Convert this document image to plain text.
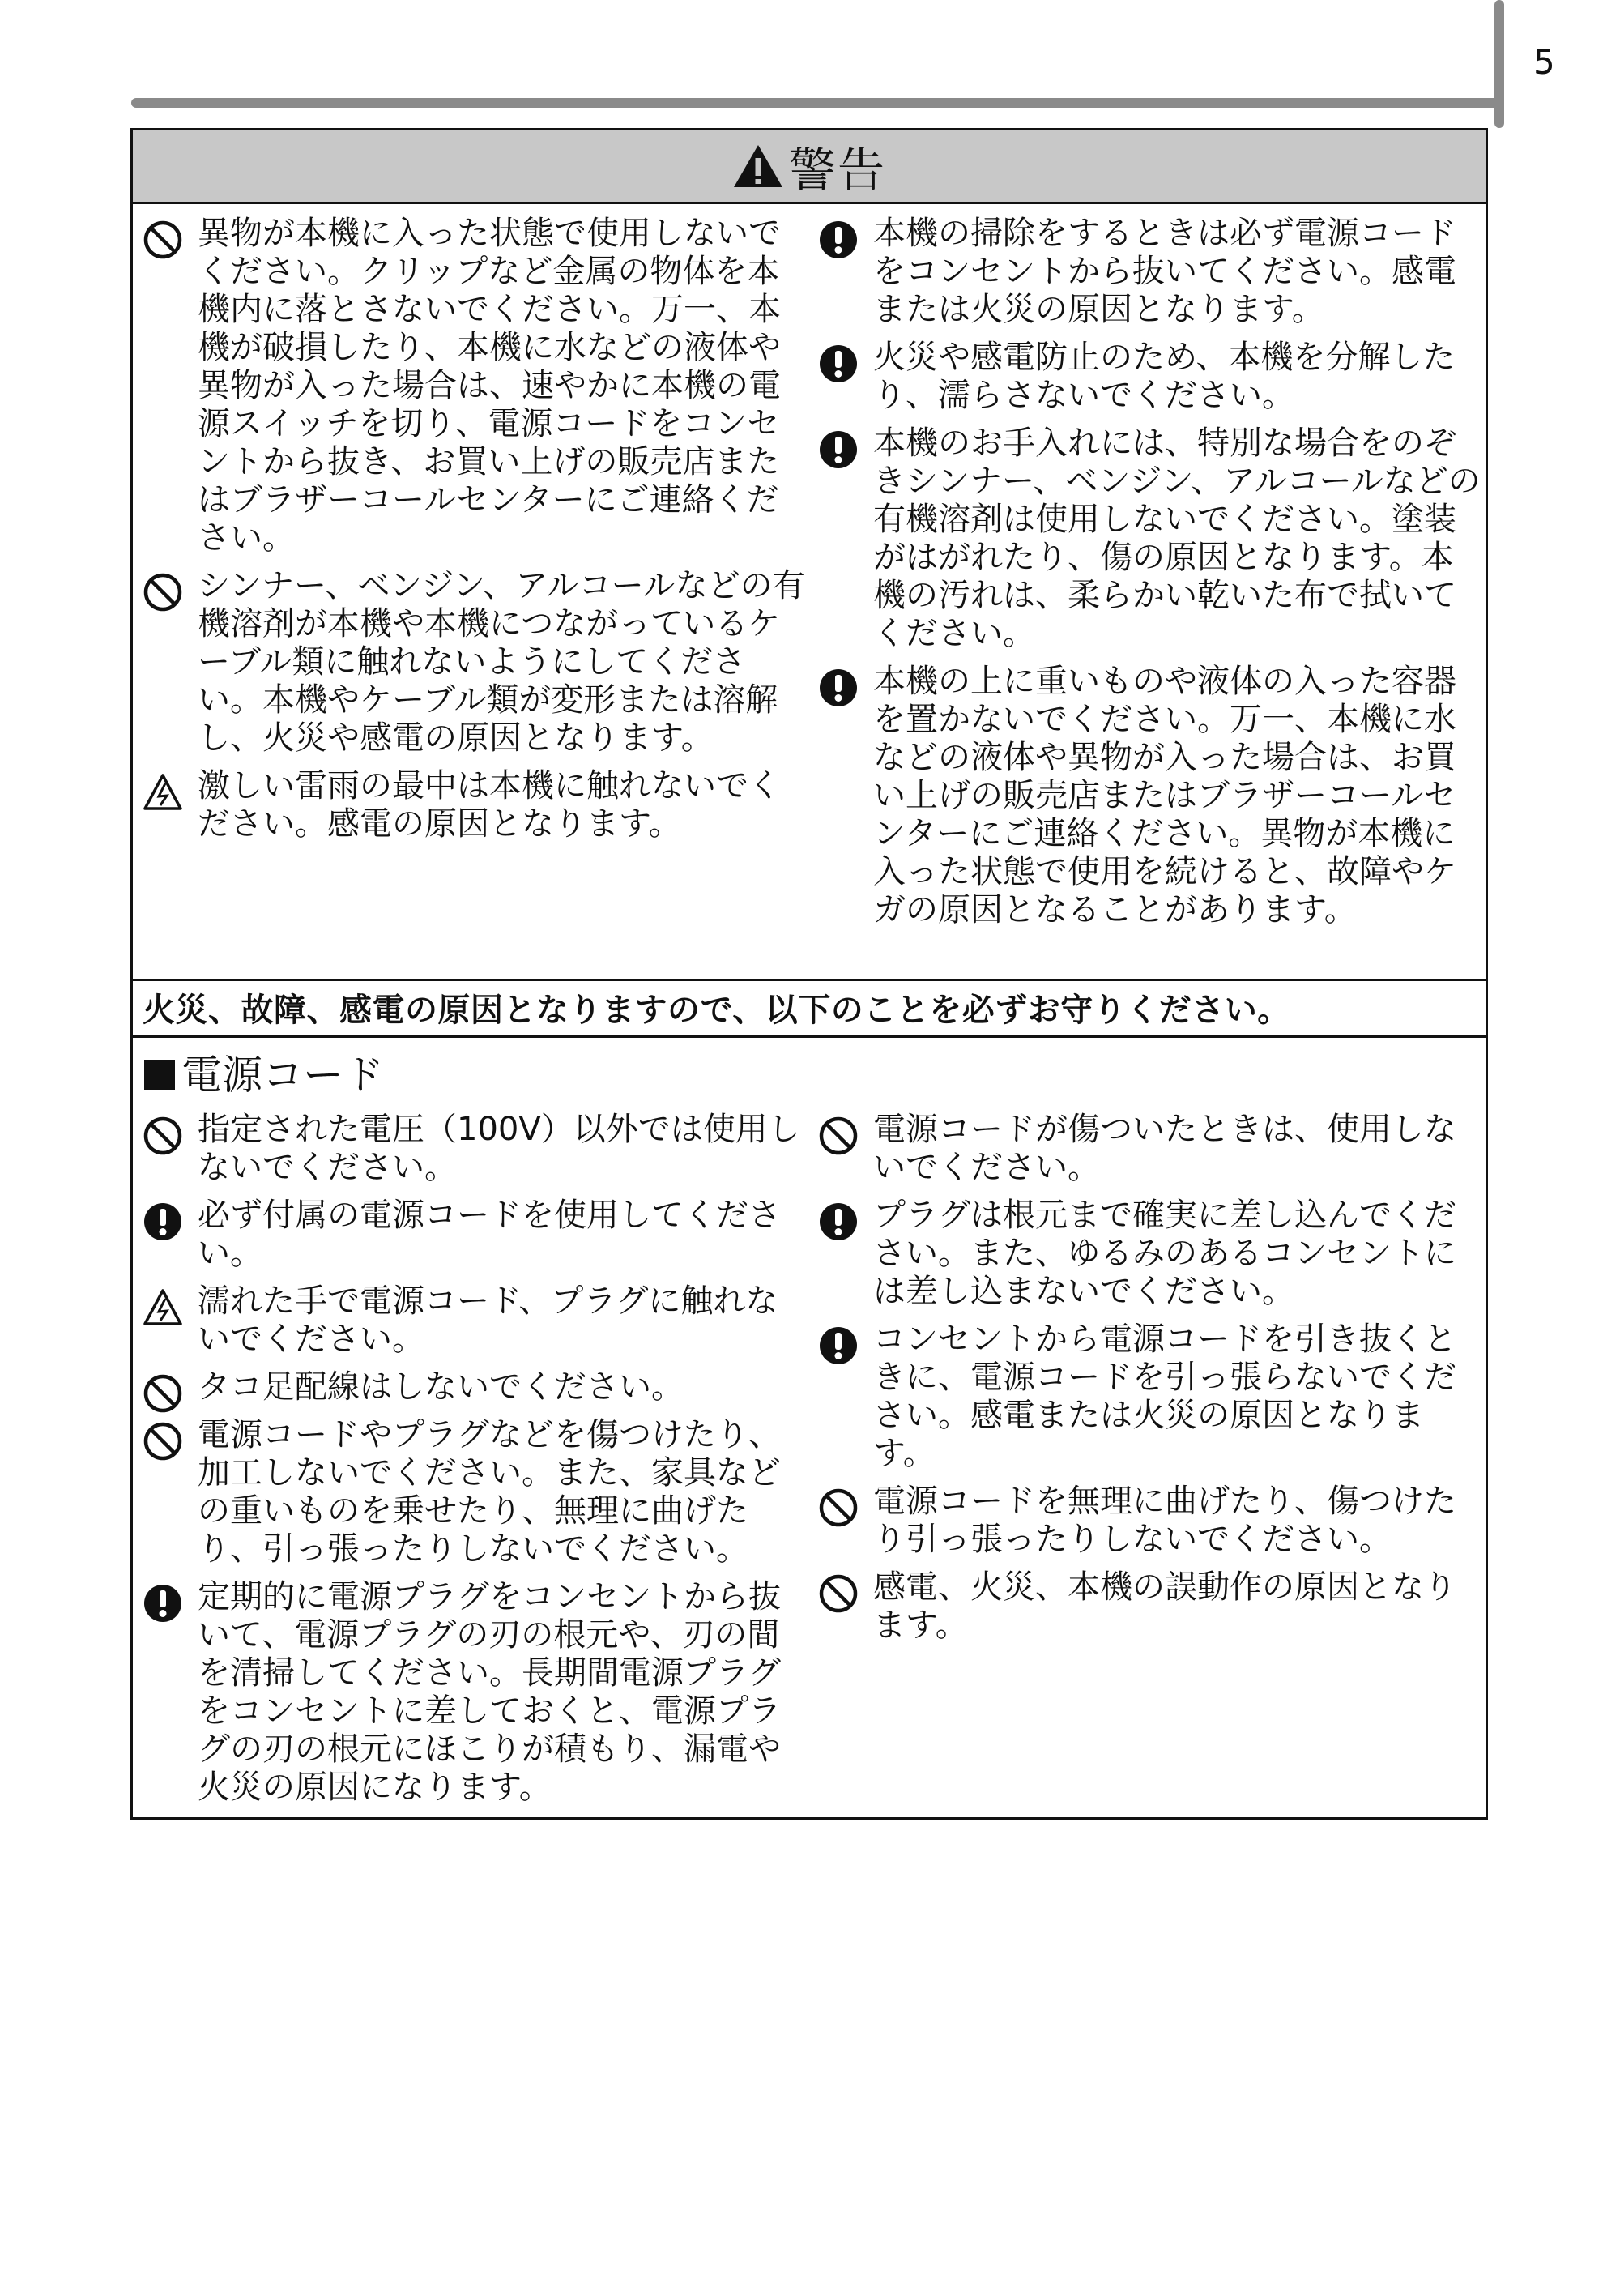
5
警告
異物が本機に入った状態で使用しないでください。クリップなど金属の物体を本機内に落とさないでください。万一、本機が破損したり、本機に水などの液体や異物が入った場合は、速やかに本機の電源スイッチを切り、電源コードをコンセントから抜き、お買い上げの販売店またはブラザーコールセンターにご連絡ください。
シンナー、ベンジン、アルコールなどの有機溶剤が本機や本機につながっているケーブル類に触れないようにしてください。本機やケーブル類が変形または溶解し、火災や感電の原因となります。
激しい雷雨の最中は本機に触れないでください。感電の原因となります。
本機の掃除をするときは必ず電源コードをコンセントから抜いてください。感電または火災の原因となります。
火災や感電防止のため、本機を分解したり、濡らさないでください。
本機のお手入れには、特別な場合をのぞきシンナー、ベンジン、アルコールなどの有機溶剤は使用しないでください。塗装がはがれたり、傷の原因となります。本機の汚れは、柔らかい乾いた布で拭いてください。
本機の上に重いものや液体の入った容器を置かないでください。万一、本機に水などの液体や異物が入った場合は、お買い上げの販売店またはブラザーコールセンターにご連絡ください。異物が本機に入った状態で使用を続けると、故障やケガの原因となることがあります。
火災、故障、感電の原因となりますので、以下のことを必ずお守りください。
電源コード
指定された電圧（100V）以外では使用しないでください。
必ず付属の電源コードを使用してください。
濡れた手で電源コード、プラグに触れないでください。
タコ足配線はしないでください。
電源コードやプラグなどを傷つけたり、加工しないでください。また、家具などの重いものを乗せたり、無理に曲げたり、引っ張ったりしないでください。
定期的に電源プラグをコンセントから抜いて、電源プラグの刃の根元や、刃の間を清掃してください。長期間電源プラグをコンセントに差しておくと、電源プラグの刃の根元にほこりが積もり、漏電や火災の原因になります。
電源コードが傷ついたときは、使用しないでください。
プラグは根元まで確実に差し込んでください。また、ゆるみのあるコンセントには差し込まないでください。
コンセントから電源コードを引き抜くときに、電源コードを引っ張らないでください。感電または火災の原因となります。
電源コードを無理に曲げたり、傷つけたり引っ張ったりしないでください。
感電、火災、本機の誤動作の原因となります。
